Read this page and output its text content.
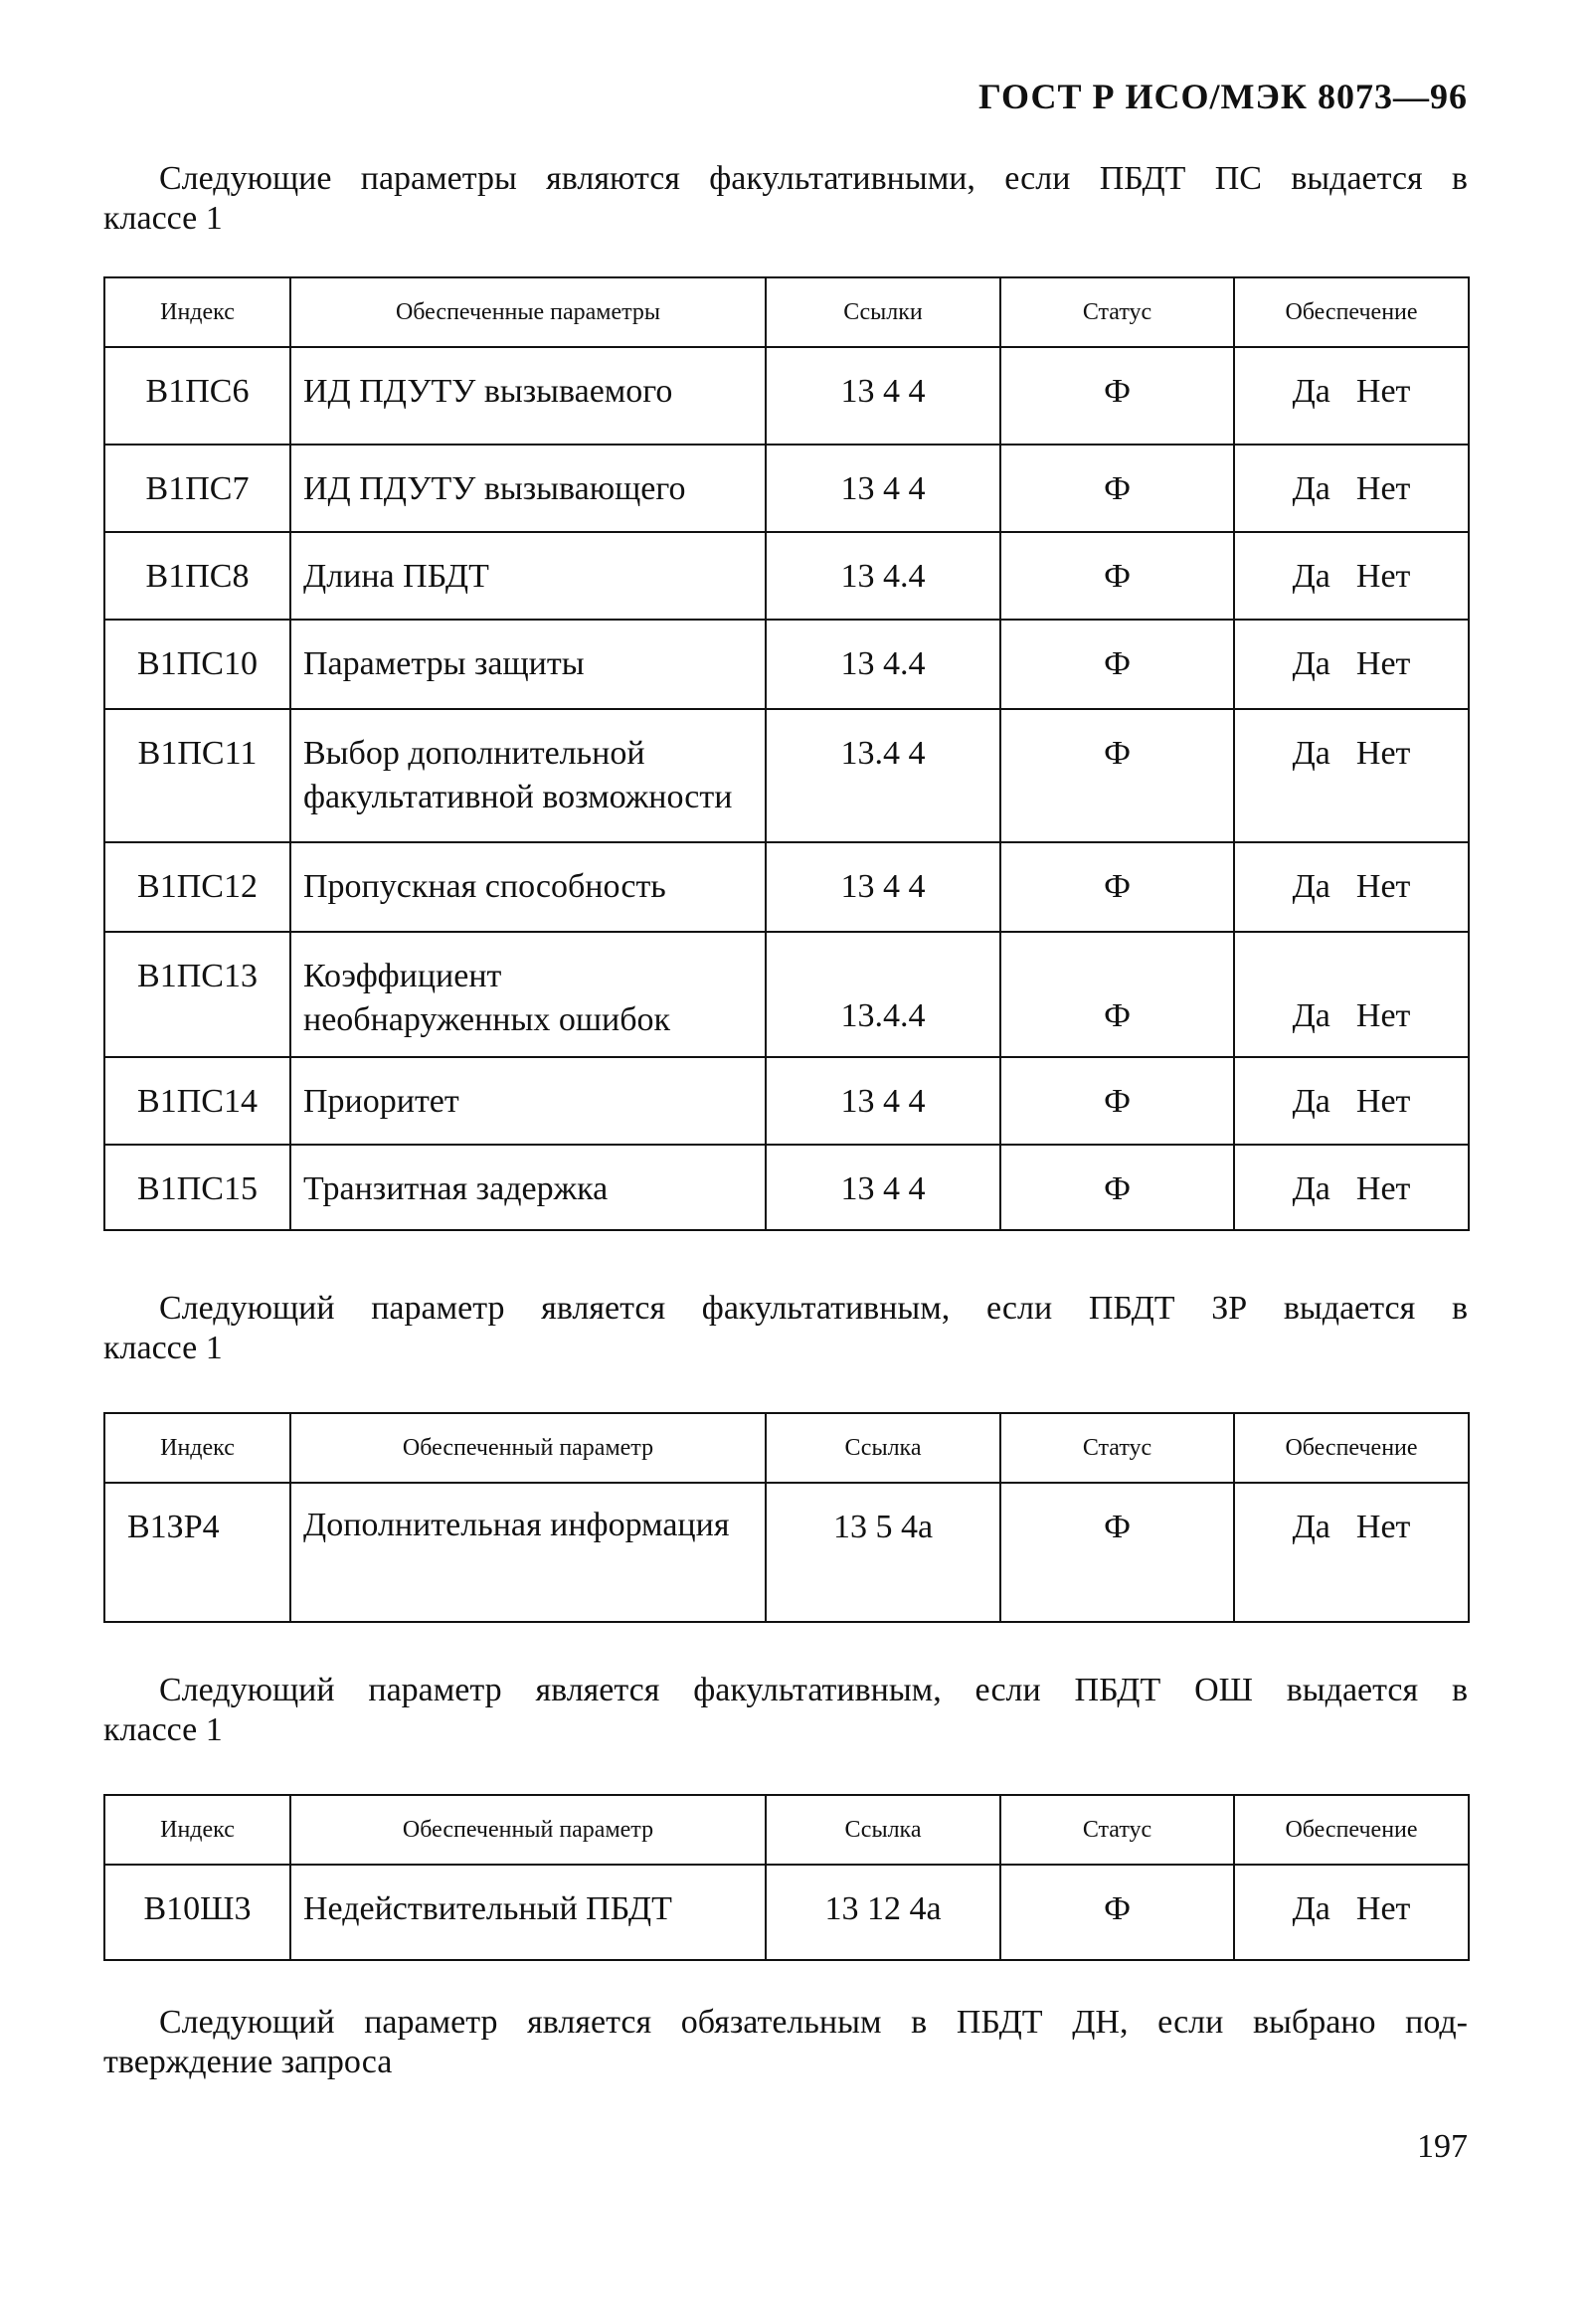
ГОСТ Р ИСО/МЭК 8073—96
Следующие параметры являются факультативными, если ПБДТ ПС выдается в
классе 1
Индекс	Обеспеченные параметры	Ссылки	Статус	Обеспечение
В1ПС6	ИД ПДУТУ вызываемого	13 4 4	Ф	Да Нет
В1ПС7	ИД ПДУТУ вызывающего	13 4 4	Ф	Да Нет
В1ПС8	Длина ПБДТ	13 4.4	Ф	Да Нет
В1ПС10	Параметры защиты	13 4.4	Ф	Да Нет
В1ПС11	Выбор дополнительной факультативной возможности	13.4 4	Ф	Да Нет
В1ПС12	Пропускная способность	13 4 4	Ф	Да Нет
В1ПС13	Коэффициент необнаруженных ошибок	13.4.4	Ф	Да Нет
В1ПС14	Приоритет	13 4 4	Ф	Да Нет
В1ПС15	Транзитная задержка	13 4 4	Ф	Да Нет
Следующий параметр является факультативным, если ПБДТ ЗР выдается в
классе 1
Индекс	Обеспеченный параметр	Ссылка	Статус	Обеспечение
В1ЗР4	Дополнительная информация	13 5 4а	Ф	Да Нет
Следующий параметр является факультативным, если ПБДТ ОШ выдается в
классе 1
Индекс	Обеспеченный параметр	Ссылка	Статус	Обеспечение
В10Ш3	Недействительный ПБДТ	13 12 4а	Ф	Да Нет
Следующий параметр является обязательным в ПБДТ ДН, если выбрано под-
тверждение запроса
197
